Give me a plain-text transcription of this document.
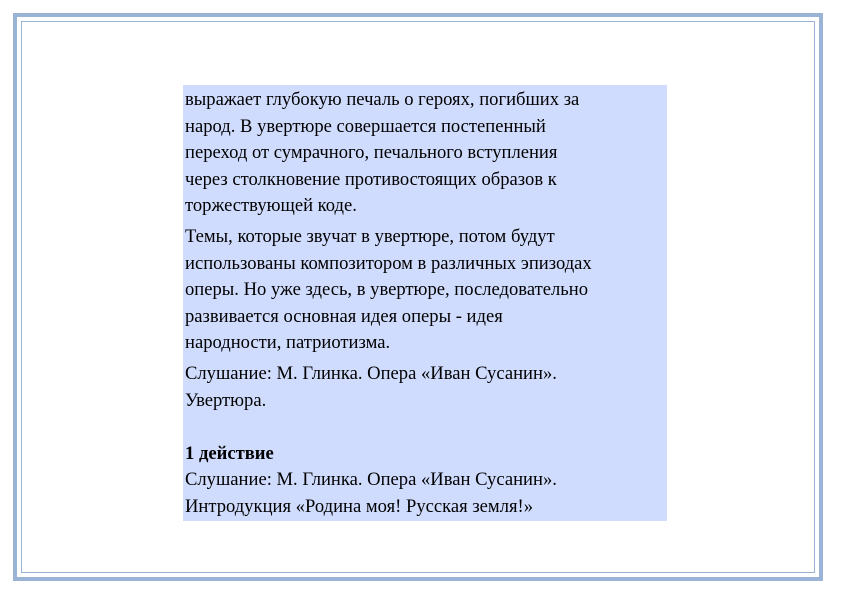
выражает глубокую печаль о героях, погибших за
народ. В увертюре совершается постепенный
переход от сумрачного, печального вступления
через столкновение противостоящих образов к
торжествующей коде.

Темы, которые звучат в увертюре, потом будут
использованы композитором в различных эпизодах
оперы. Но уже здесь, в увертюре, последовательно
развивается основная идея оперы - идея
народности, патриотизма.

Слушание: М. Глинка. Опера «Иван Сусанин».
Увертюра.
1 действие
Слушание: М. Глинка. Опера «Иван Сусанин».
Интродукция «Родина моя! Русская земля!»
